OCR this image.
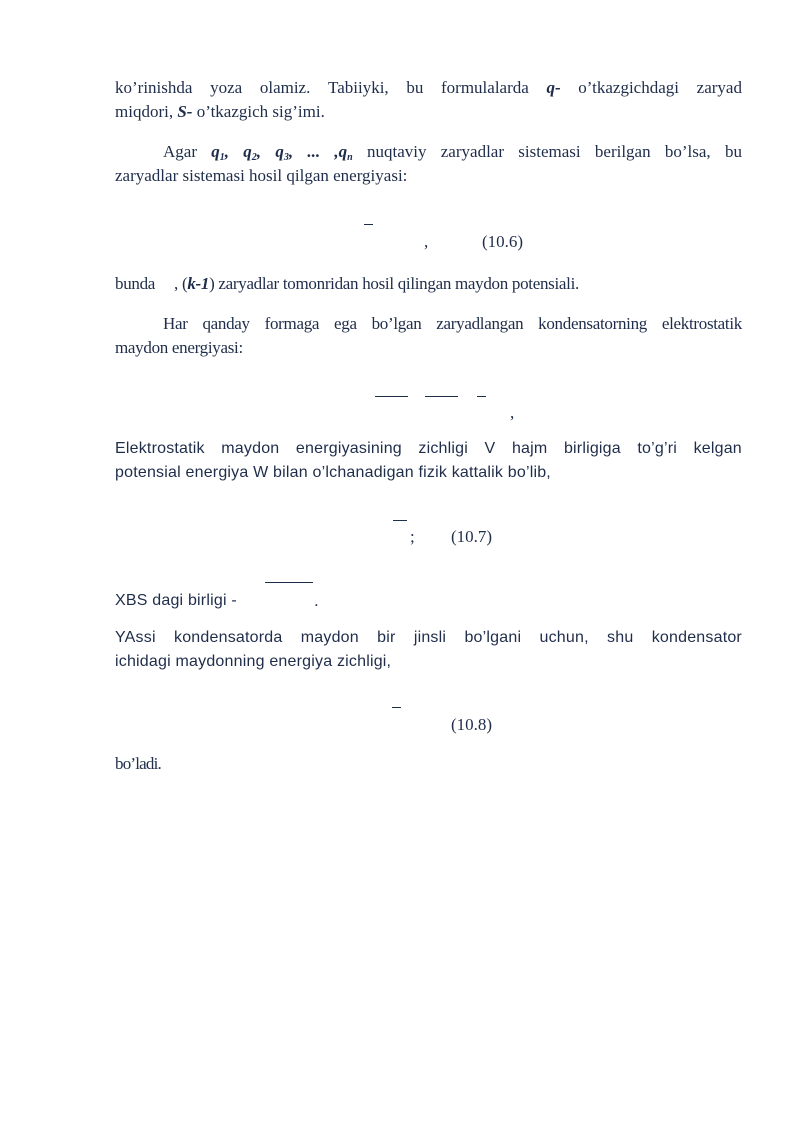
ko’rinishda yoza olamiz. Tabiiyki, bu formulalarda q- o’tkazgichdagi zaryad
miqdori, S- o’tkazgich sig’imi.
Agar $q_1$, $q_2$, $q_3$, ... $,q_n$ nuqtaviy zaryadlar sistemasi berilgan bo’lsa, bu
zaryadlar sistemasi hosil qilgan energiyasi:
,	(10.6)
bunda , (k-1) zaryadlar tomonridan hosil qilingan maydon potensiali.
Har qanday formaga ega bo’lgan zaryadlangan kondensatorning elektrostatik
maydon energiyasi:
,
Elektrostatik maydon energiyasining zichligi V hajm birligiga to’g’ri kelgan
potensial energiya W bilan o’lchanadigan fizik kattalik bo’lib,
; (10.7)
XBS dagi birligi -	.
YAssi kondensatorda maydon bir jinsli bo’lgani uchun, shu kondensator
ichidagi maydonning energiya zichligi,
(10.8)
bo’ladi.
